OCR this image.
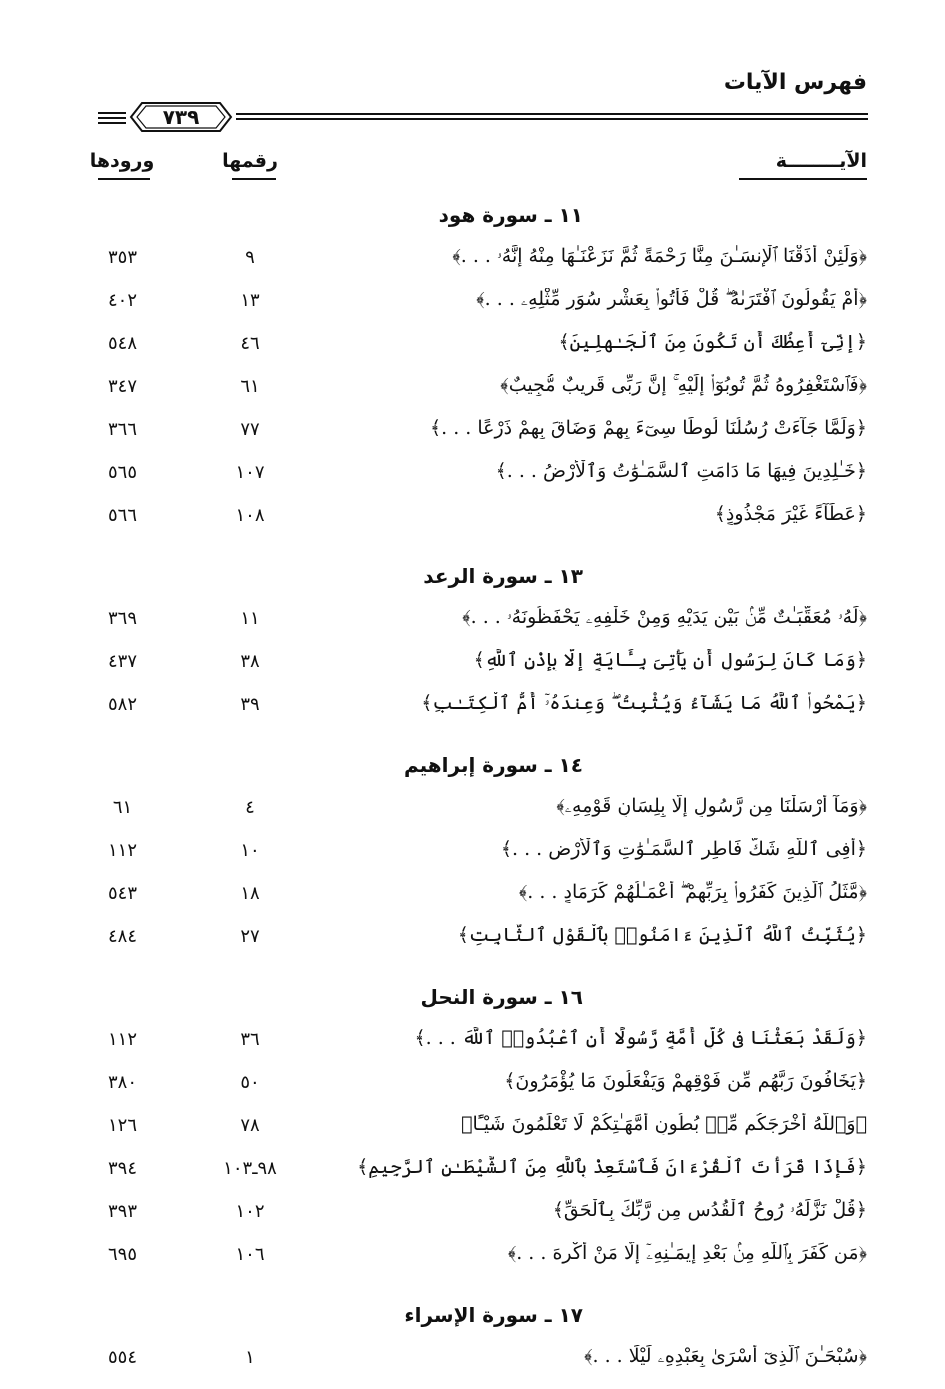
فهرس الآيات
٧٣٩
الآيــــــــة
رقمها
ورودها
١١ ـ سورة هود
﴿وَلَئِنْ أَذَقْنَا ٱلْإِنسَـٰنَ مِنَّا رَحْمَةً ثُمَّ نَزَعْنَـٰهَا مِنْهُ إِنَّهُۥ . . .﴾
٩
٣٥٣
﴿أَمْ يَقُولُونَ ٱفْتَرَىٰهُ ۖ قُلْ فَأْتُوا۟ بِعَشْرِ سُوَرٍ مِّثْلِهِۦ . . .﴾
١٣
٤٠٢
﴿إِنِّىٓ أَعِظُكَ أَن تَكُونَ مِنَ ٱلْجَـٰهِلِينَ﴾
٤٦
٥٤٨
﴿فَٱسْتَغْفِرُوهُ ثُمَّ تُوبُوٓا۟ إِلَيْهِ ۚ إِنَّ رَبِّى قَرِيبٌ مُّجِيبٌ﴾
٦١
٣٤٧
﴿وَلَمَّا جَآءَتْ رُسُلُنَا لُوطًا سِىٓءَ بِهِمْ وَضَاقَ بِهِمْ ذَرْعًا . . .﴾
٧٧
٣٦٦
﴿خَـٰلِدِينَ فِيهَا مَا دَامَتِ ٱلسَّمَـٰوَٰتُ وَٱلْأَرْضُ . . .﴾
١٠٧
٥٦٥
﴿عَطَآءً غَيْرَ مَجْذُوذٍ﴾
١٠٨
٥٦٦
١٣ ـ سورة الرعد
﴿لَهُۥ مُعَقِّبَـٰتٌ مِّنۢ بَيْنِ يَدَيْهِ وَمِنْ خَلْفِهِۦ يَحْفَظُونَهُۥ . . .﴾
١١
٣٦٩
﴿وَمَا كَانَ لِرَسُولٍ أَن يَأْتِىَ بِـَٔايَةٍ إِلَّا بِإِذْنِ ٱللَّهِ﴾
٣٨
٤٣٧
﴿يَمْحُوا۟ ٱللَّهُ مَا يَشَآءُ وَيُثْبِتُ ۖ وَعِندَهُۥٓ أُمُّ ٱلْكِتَـٰبِ﴾
٣٩
٥٨٢
١٤ ـ سورة إبراهيم
﴿وَمَآ أَرْسَلْنَا مِن رَّسُولٍ إِلَّا بِلِسَانِ قَوْمِهِۦ﴾
٤
٦١
﴿أَفِى ٱللَّهِ شَكٌّ فَاطِرِ ٱلسَّمَـٰوَٰتِ وَٱلْأَرْضِ . . .﴾
١٠
١١٢
﴿مَّثَلُ ٱلَّذِينَ كَفَرُوا۟ بِرَبِّهِمْ ۖ أَعْمَـٰلُهُمْ كَرَمَادٍ . . .﴾
١٨
٥٤٣
﴿يُثَبِّتُ ٱللَّهُ ٱلَّذِينَ ءَامَنُوا۟ بِٱلْقَوْلِ ٱلثَّابِتِ﴾
٢٧
٤٨٤
١٦ ـ سورة النحل
﴿وَلَقَدْ بَعَثْنَا فِى كُلِّ أُمَّةٍ رَّسُولًا أَنِ ٱعْبُدُوا۟ ٱللَّهَ . . .﴾
٣٦
١١٢
﴿يَخَافُونَ رَبَّهُم مِّن فَوْقِهِمْ وَيَفْعَلُونَ مَا يُؤْمَرُونَ﴾
٥٠
٣٨٠
﴿وَٱللَّهُ أَخْرَجَكُم مِّنۢ بُطُونِ أُمَّهَـٰتِكُمْ لَا تَعْلَمُونَ شَيْـًٔا﴾
٧٨
١٢٦
﴿فَإِذَا قَرَأْتَ ٱلْقُرْءَانَ فَٱسْتَعِذْ بِٱللَّهِ مِنَ ٱلشَّيْطَـٰنِ ٱلرَّجِيمِ﴾
٩٨ـ١٠٣
٣٩٤
﴿قُلْ نَزَّلَهُۥ رُوحُ ٱلْقُدُسِ مِن رَّبِّكَ بِٱلْحَقِّ﴾
١٠٢
٣٩٣
﴿مَن كَفَرَ بِٱللَّهِ مِنۢ بَعْدِ إِيمَـٰنِهِۦٓ إِلَّا مَنْ أُكْرِهَ . . .﴾
١٠٦
٦٩٥
١٧ ـ سورة الإسراء
﴿سُبْحَـٰنَ ٱلَّذِىٓ أَسْرَىٰ بِعَبْدِهِۦ لَيْلًا . . .﴾
١
٥٥٤
